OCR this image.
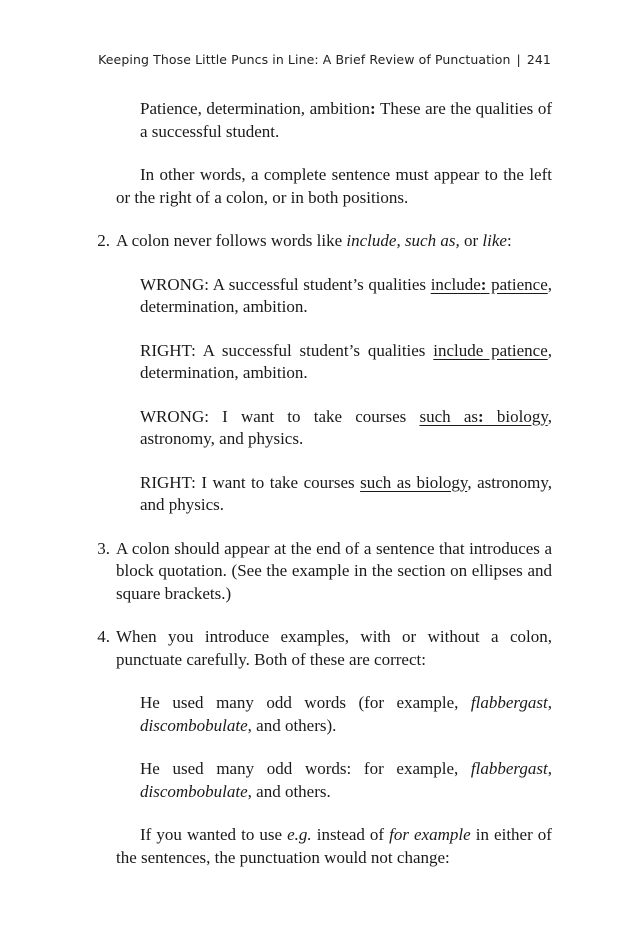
Keeping Those Little Puncs in Line: A Brief Review of Punctuation | 241

Patience, determination, ambition: These are the qualities of a successful student.

In other words, a complete sentence must appear to the left or the right of a colon, or in both positions.

2. A colon never follows words like include, such as, or like:

WRONG: A successful student’s qualities include: patience, determination, ambition.

RIGHT: A successful student’s qualities include patience, determination, ambition.

WRONG: I want to take courses such as: biology, astronomy, and physics.

RIGHT: I want to take courses such as biology, astronomy, and physics.

3. A colon should appear at the end of a sentence that introduces a block quotation. (See the example in the section on ellipses and square brackets.)

4. When you introduce examples, with or without a colon, punctuate carefully. Both of these are correct:

He used many odd words (for example, flabbergast, discombobulate, and others).

He used many odd words: for example, flabbergast, discombobulate, and others.

If you wanted to use e.g. instead of for example in either of the sentences, the punctuation would not change:
